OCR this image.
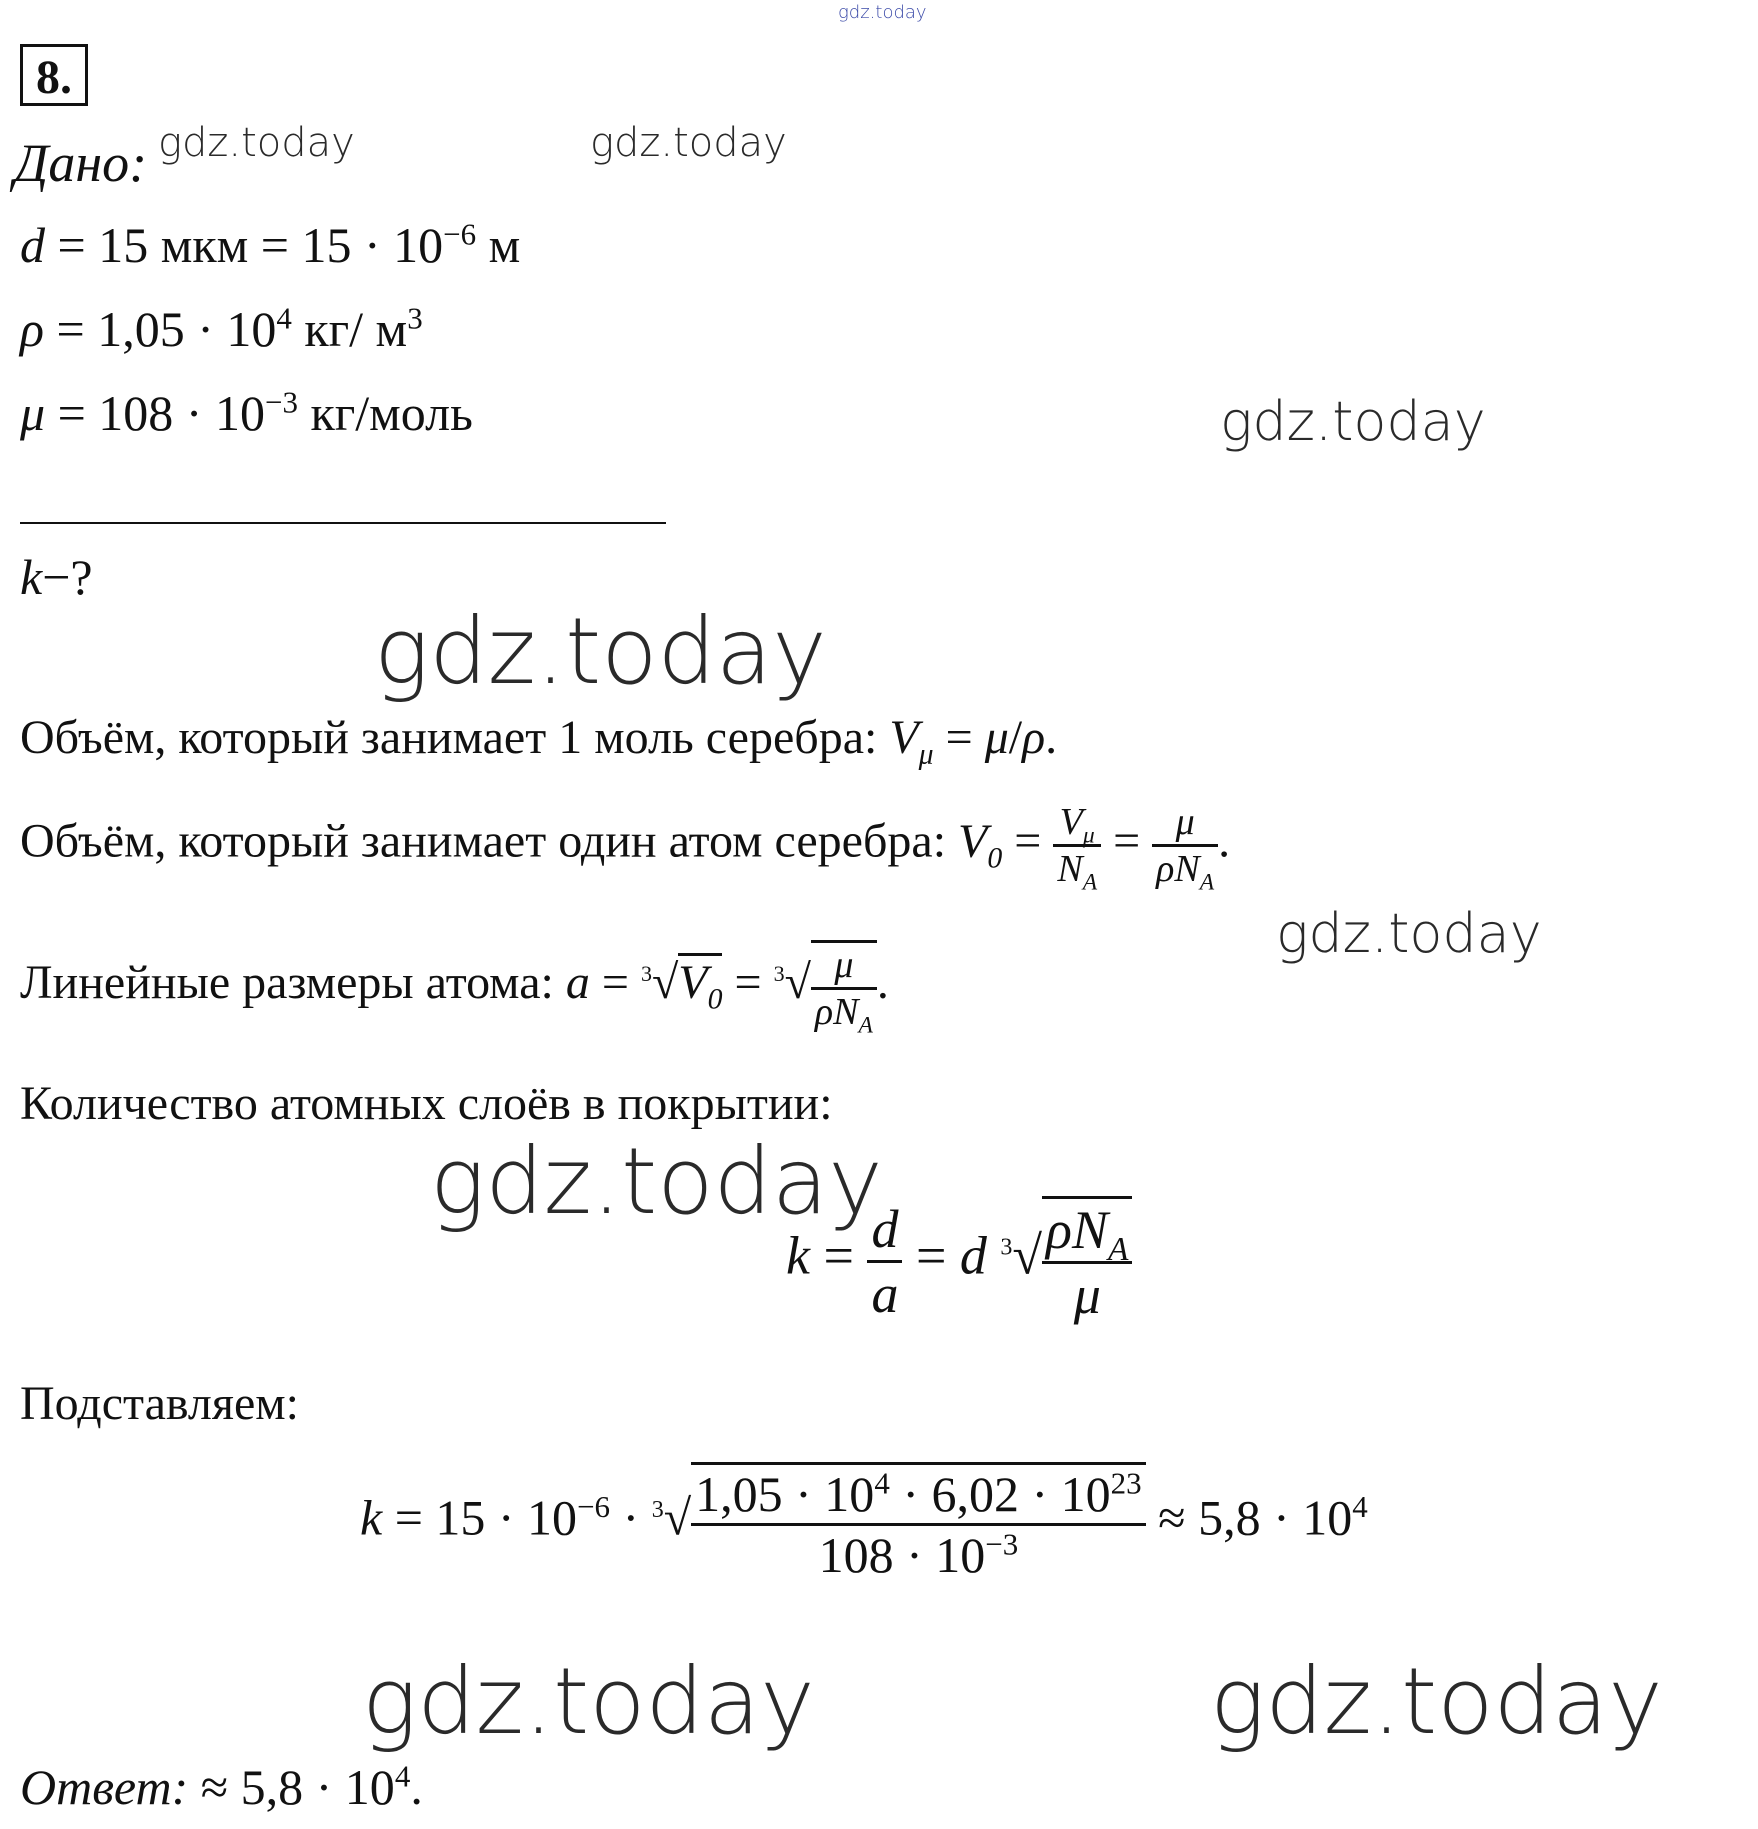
gdz.today
gdz.today	gdz.today
gdz.today
gdz.today
gdz.today
gdz.today
gdz.today	gdz.today
8.
Дано:
d = 15 мкм = $15 \cdot 10^{-6}$ м
$\rho = 1,05 \cdot 10^4$ кг/ $м^3$
$\mu = 108 \cdot 10^{-3}$ кг/моль
k−?
Объём, который занимает 1 моль серебра: $V_\mu = \mu/\rho$.
Объём, который занимает один атом серебра: $V_0 = \frac{V_\mu}{N_A} = \frac{\mu}{\rho N_A}$ .
Линейные размеры атома: $a = ^3√V_0 = ^3√ \frac{\mu}{\rho N_A}$ .
Количество атомных слоёв в покрытии:
$k = \frac{d}{a} = d$ $^3√ \frac{\rho N_A}{\mu}$
Подставляем:
$k = 15 \cdot 10^{-6} \cdot ^3√ \frac{1,05 \cdot 10^4 \cdot 6,02 \cdot 10^{23}}{108 \cdot 10^{-3}} \approx 5,8 \cdot 10^4$
Ответ: ≈ $5,8 \cdot 10^4$.
